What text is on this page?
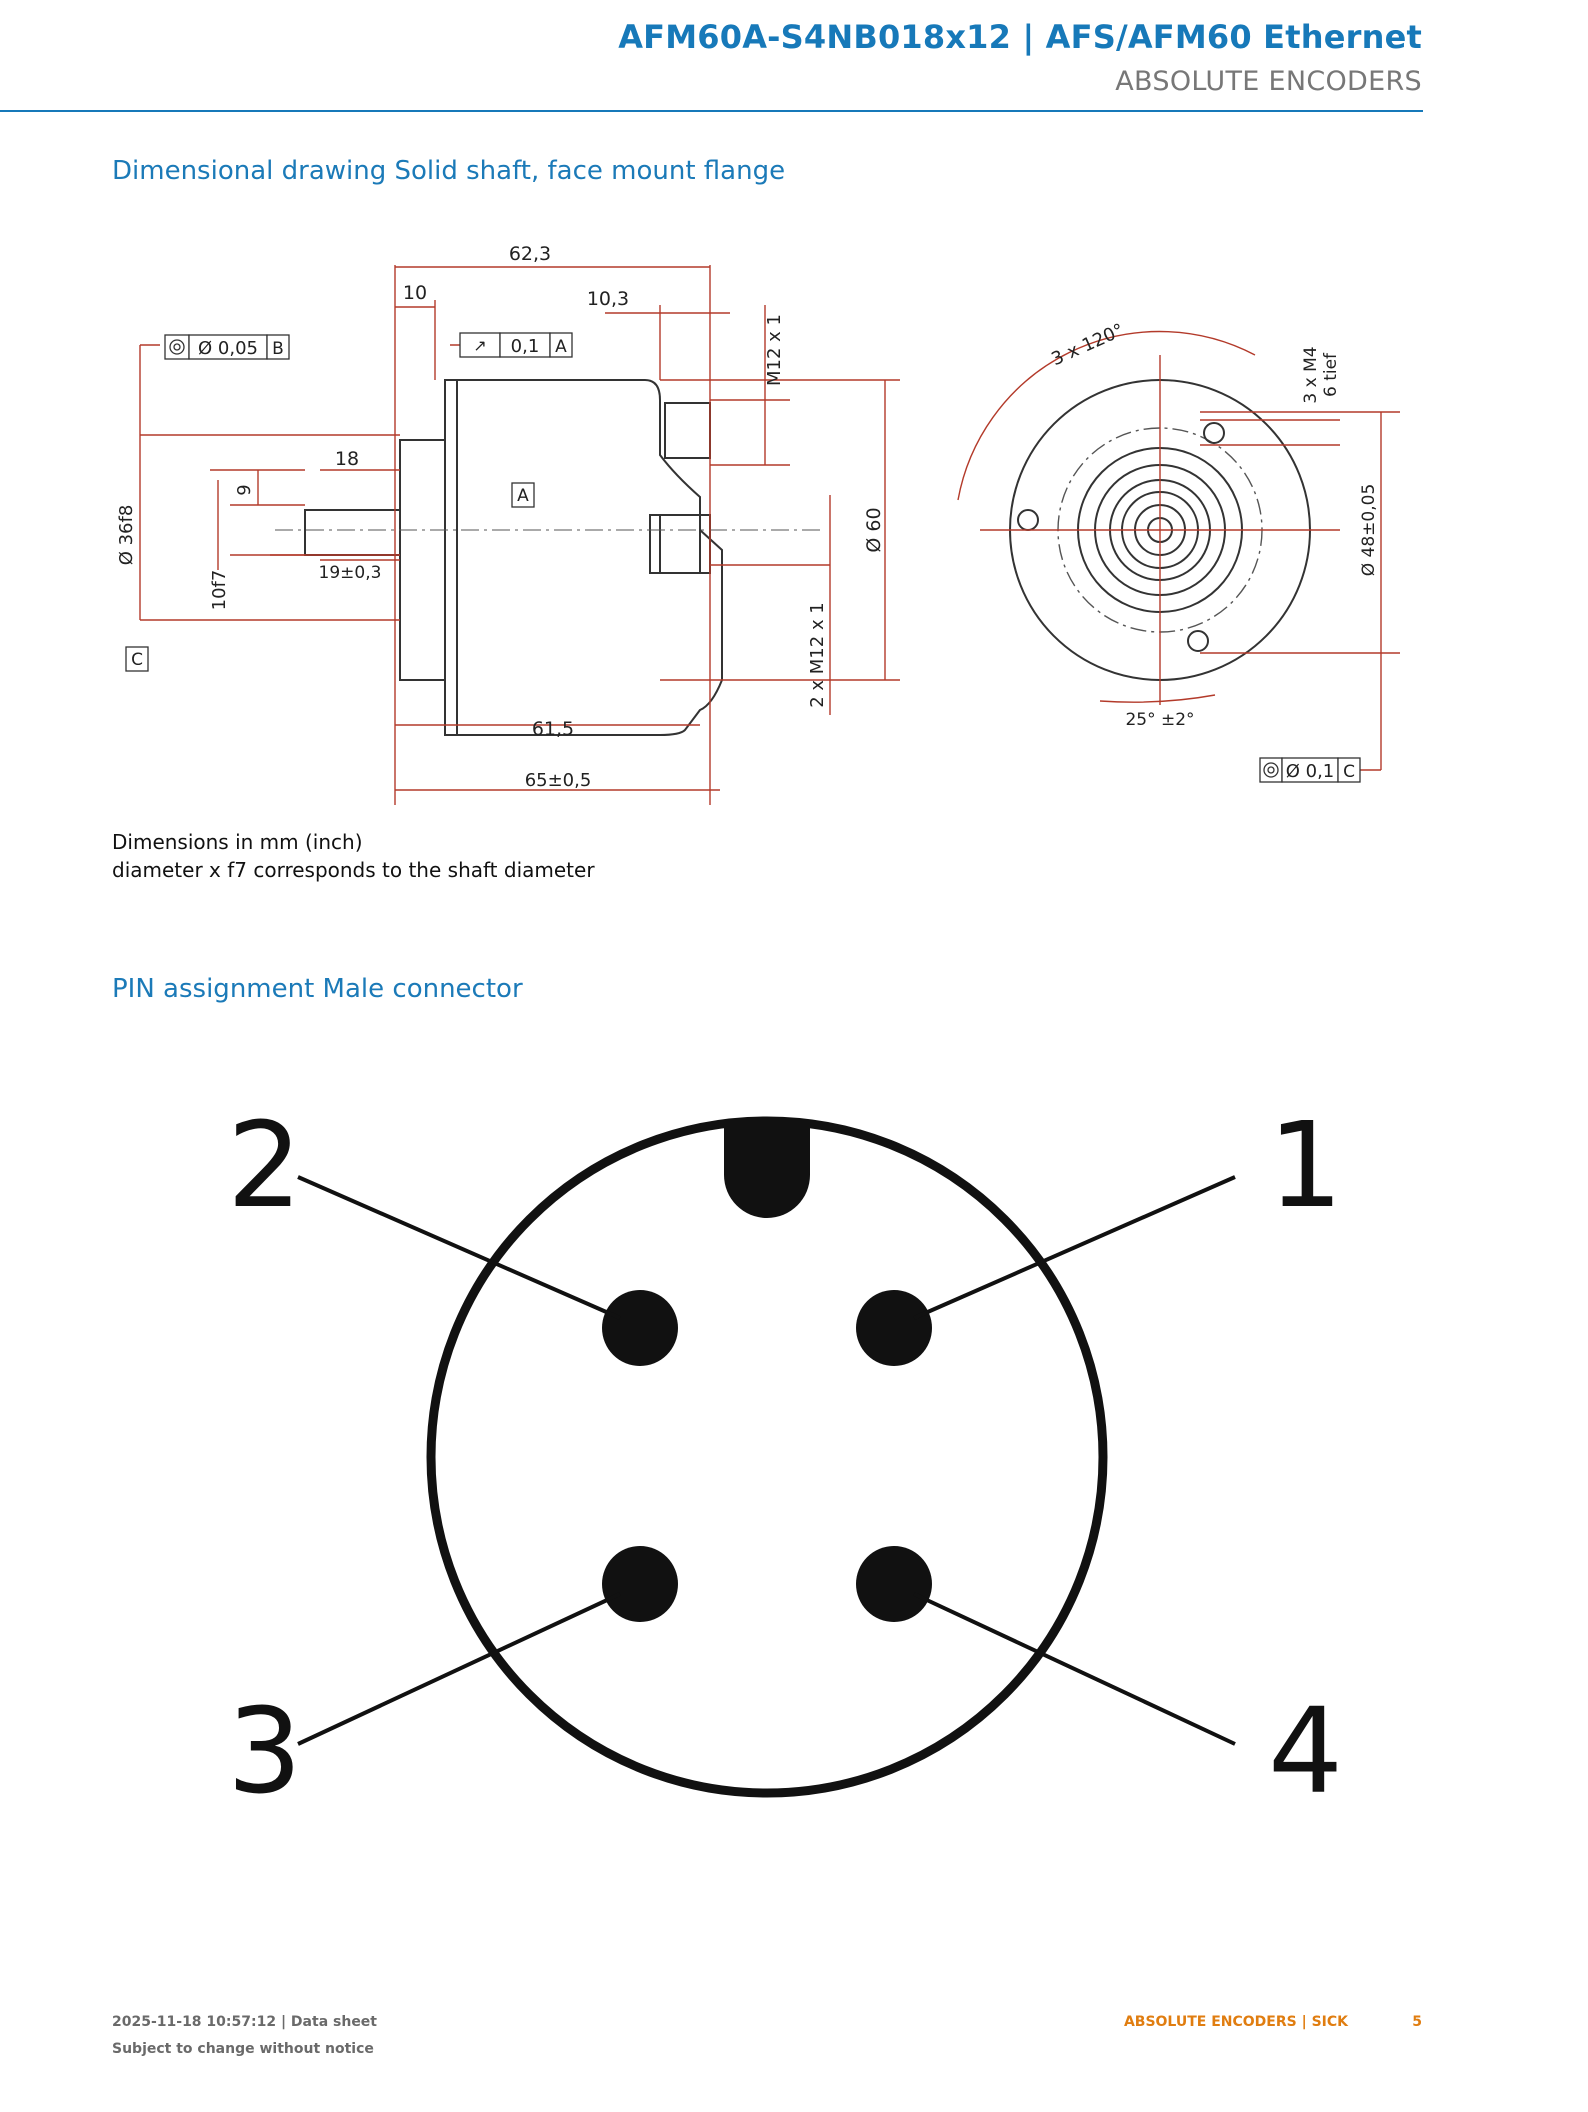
AFM60A-S4NB018x12 | AFS/AFM60 Ethernet
ABSOLUTE ENCODERS
Dimensional drawing Solid shaft, face mount flange
62,3
10	10,3
↗ 0,1 A
Ø 0,05 B
A
18
9
19±0,3
10f7
Ø 36f8
C
M12 x 1
2 x M12 x 1
Ø 60
61,5
65±0,5
3 x 120°
3 x M4 6 tief
Ø 48±0,05
25° ±2°
Ø 0,1 C
Dimensions in mm (inch)
diameter x f7 corresponds to the shaft diameter
PIN assignment Male connector
2	1
3	4
2025-11-18 10:57:12 | Data sheet
Subject to change without notice
ABSOLUTE ENCODERS | SICK	5
